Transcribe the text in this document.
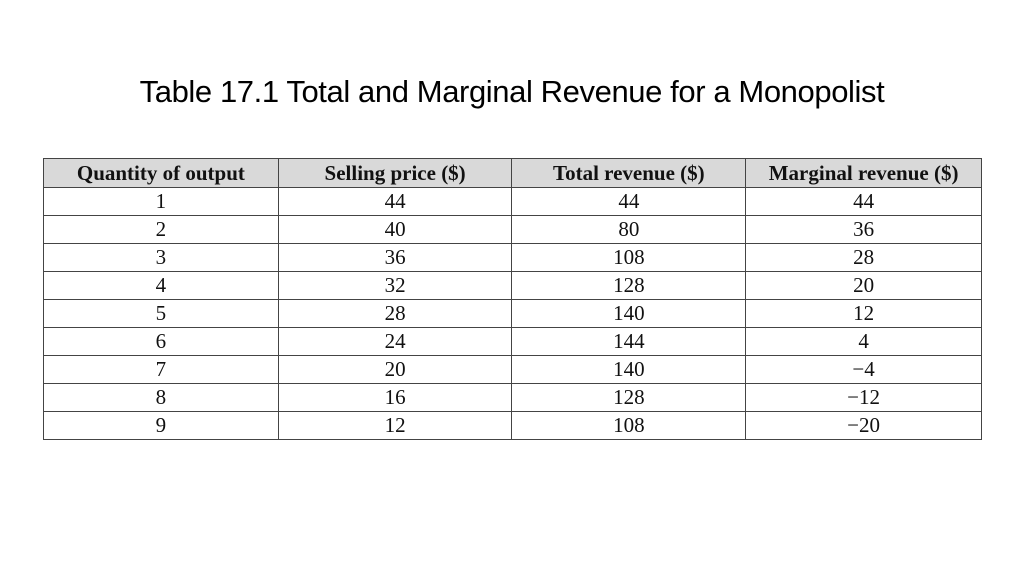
Table 17.1 Total and Marginal Revenue for a Monopolist
Quantity of output	Selling price ($)	Total revenue ($)	Marginal revenue ($)
1	44	44	44
2	40	80	36
3	36	108	28
4	32	128	20
5	28	140	12
6	24	144	4
7	20	140	−4
8	16	128	−12
9	12	108	−20
